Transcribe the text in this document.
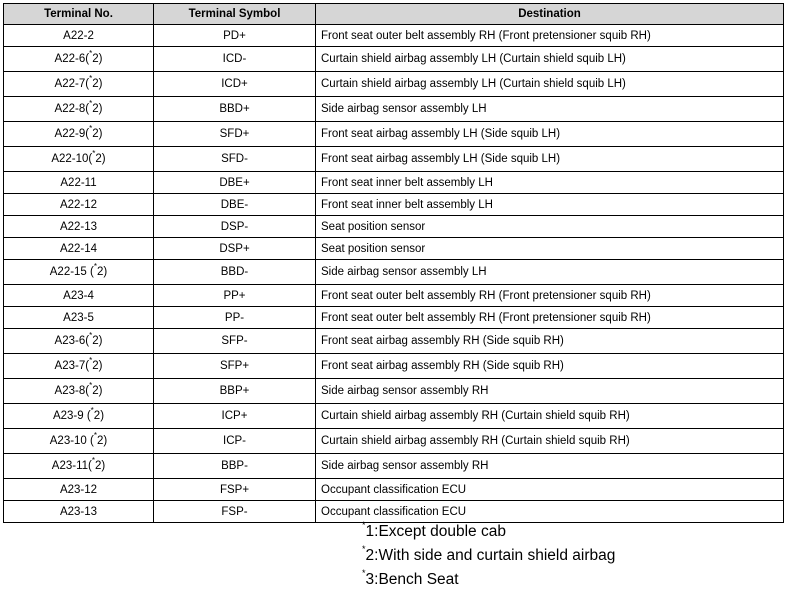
Terminal No.	Terminal Symbol	Destination
A22-2	PD+	Front seat outer belt assembly RH (Front pretensioner squib RH)
A22-6(*2)	ICD-	Curtain shield airbag assembly LH (Curtain shield squib LH)
A22-7(*2)	ICD+	Curtain shield airbag assembly LH (Curtain shield squib LH)
A22-8(*2)	BBD+	Side airbag sensor assembly LH
A22-9(*2)	SFD+	Front seat airbag assembly LH (Side squib LH)
A22-10(*2)	SFD-	Front seat airbag assembly LH (Side squib LH)
A22-11	DBE+	Front seat inner belt assembly LH
A22-12	DBE-	Front seat inner belt assembly LH
A22-13	DSP-	Seat position sensor
A22-14	DSP+	Seat position sensor
A22-15 (*2)	BBD-	Side airbag sensor assembly LH
A23-4	PP+	Front seat outer belt assembly RH (Front pretensioner squib RH)
A23-5	PP-	Front seat outer belt assembly RH (Front pretensioner squib RH)
A23-6(*2)	SFP-	Front seat airbag assembly RH (Side squib RH)
A23-7(*2)	SFP+	Front seat airbag assembly RH (Side squib RH)
A23-8(*2)	BBP+	Side airbag sensor assembly RH
A23-9 (*2)	ICP+	Curtain shield airbag assembly RH (Curtain shield squib RH)
A23-10 (*2)	ICP-	Curtain shield airbag assembly RH (Curtain shield squib RH)
A23-11(*2)	BBP-	Side airbag sensor assembly RH
A23-12	FSP+	Occupant classification ECU
A23-13	FSP-	Occupant classification ECU
*1:Except double cab
*2:With side and curtain shield airbag
*3:Bench Seat
